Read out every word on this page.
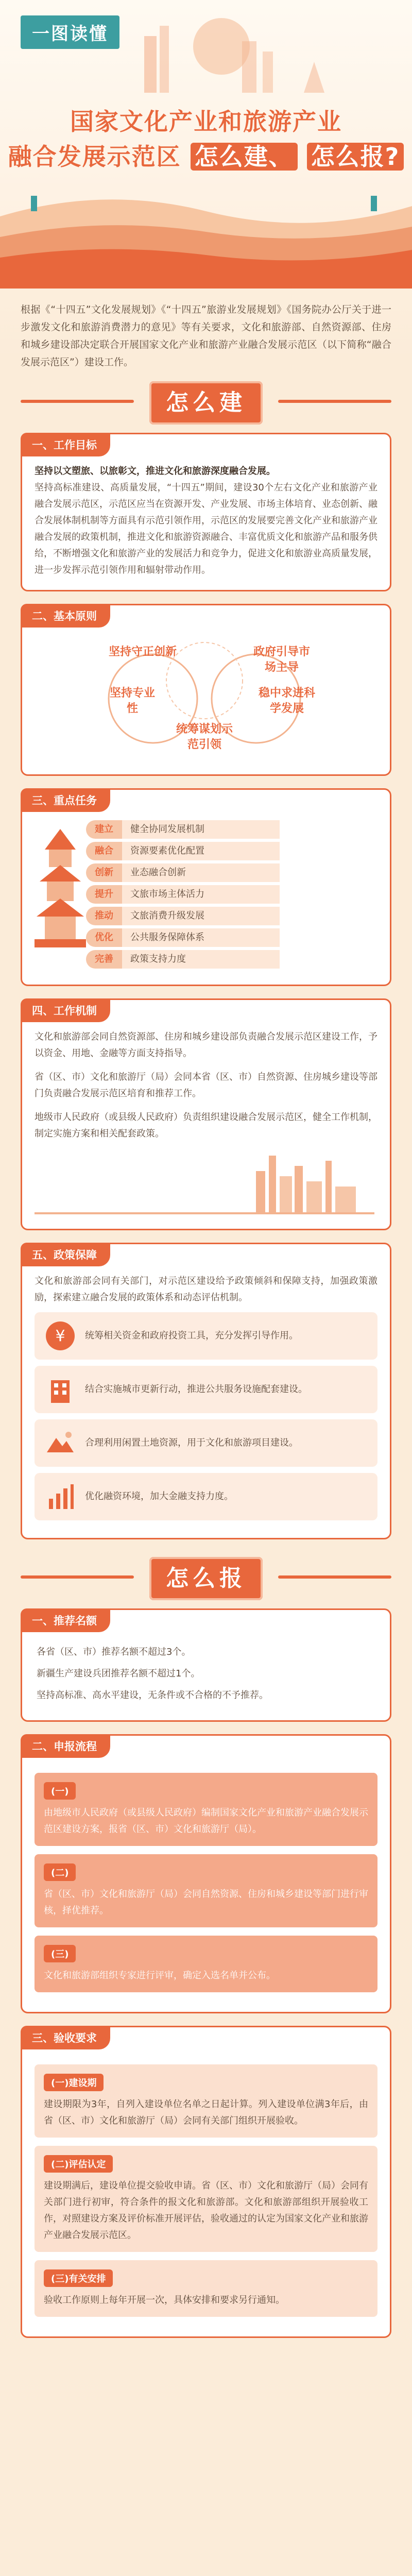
一图读懂
国家文化产业和旅游产业
融合发展示范区 怎么建、 怎么报?
根据《“十四五”文化发展规划》《“十四五”旅游业发展规划》《国务院办公厅关于进一步激发文化和旅游消费潜力的意见》等有关要求，文化和旅游部、自然资源部、住房和城乡建设部决定联合开展国家文化产业和旅游产业融合发展示范区（以下简称“融合发展示范区”）建设工作。
怎么建
一、工作目标

坚持以文塑旅、以旅彰文，推进文化和旅游深度融合发展。

坚持高标准建设、高质量发展，“十四五”期间，建设30个左右文化产业和旅游产业融合发展示范区，示范区应当在资源开发、产业发展、市场主体培育、业态创新、融合发展体制机制等方面具有示范引领作用，示范区的发展要完善文化产业和旅游产业融合发展的政策机制，推进文化和旅游资源融合、丰富优质文化和旅游产品和服务供给，不断增强文化和旅游产业的发展活力和竞争力，促进文化和旅游业高质量发展，进一步发挥示范引领作用和辐射带动作用。

二、基本原则
坚持守正创新	政府引导市场主导
坚持专业性
稳中求进科学发展
统筹谋划示范引领
三、重点任务
建立	健全协同发展机制
融合	资源要素优化配置
创新	业态融合创新
提升	文旅市场主体活力
推动	文旅消费升级发展
优化	公共服务保障体系
完善	政策支持力度
四、工作机制

文化和旅游部会同自然资源部、住房和城乡建设部负责融合发展示范区建设工作，予以资金、用地、金融等方面支持指导。

省（区、市）文化和旅游厅（局）会同本省（区、市）自然资源、住房城乡建设等部门负责融合发展示范区培育和推荐工作。

地级市人民政府（或县级人民政府）负责组织建设融合发展示范区，健全工作机制，制定实施方案和相关配套政策。

五、政策保障

文化和旅游部会同有关部门，对示范区建设给予政策倾斜和保障支持，加强政策激励，探索建立融合发展的政策体系和动态评估机制。

¥ 统筹相关资金和政府投资工具，充分发挥引导作用。
结合实施城市更新行动，推进公共服务设施配套建设。
合理利用闲置土地资源，用于文化和旅游项目建设。
优化融资环境，加大金融支持力度。
怎么报
一、推荐名额
各省（区、市）推荐名额不超过3个。
新疆生产建设兵团推荐名额不超过1个。
坚持高标准、高水平建设，无条件或不合格的不予推荐。
二、申报流程
(一)

由地级市人民政府（或县级人民政府）编制国家文化产业和旅游产业融合发展示范区建设方案，报省（区、市）文化和旅游厅（局）。

(二)

省（区、市）文化和旅游厅（局）会同自然资源、住房和城乡建设等部门进行审核，择优推荐。

(三)

文化和旅游部组织专家进行评审，确定入选名单并公布。

三、验收要求
(一)建设期

建设期限为3年，自列入建设单位名单之日起计算。列入建设单位满3年后，由省（区、市）文化和旅游厅（局）会同有关部门组织开展验收。

(二)评估认定

建设期满后，建设单位提交验收申请。省（区、市）文化和旅游厅（局）会同有关部门进行初审，符合条件的报文化和旅游部。文化和旅游部组织开展验收工作，对照建设方案及评价标准开展评估，验收通过的认定为国家文化产业和旅游产业融合发展示范区。

(三)有关安排

验收工作原则上每年开展一次，具体安排和要求另行通知。
